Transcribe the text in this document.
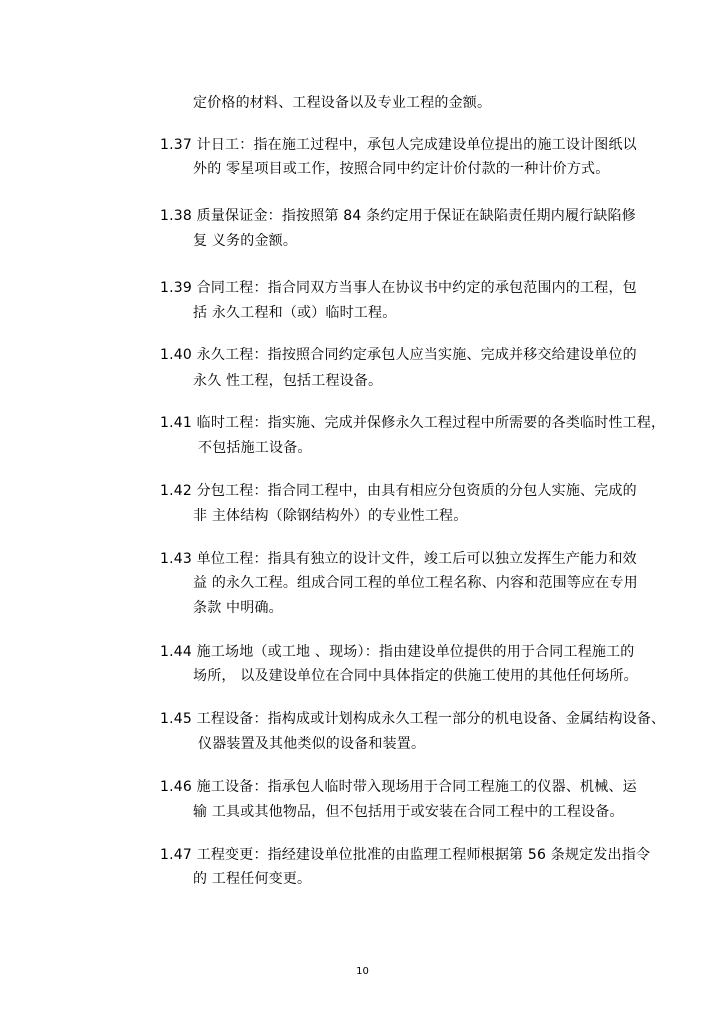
定价格的材料、工程设备以及专业工程的金额。
1.37 计日工：指在施工过程中，承包人完成建设单位提出的施工设计图纸以
外的 零星项目或工作，按照合同中约定计价付款的一种计价方式。
1.38 质量保证金：指按照第 84 条约定用于保证在缺陷责任期内履行缺陷修
复 义务的金额。
1.39 合同工程：指合同双方当事人在协议书中约定的承包范围内的工程，包
括 永久工程和（或）临时工程。
1.40 永久工程：指按照合同约定承包人应当实施、完成并移交给建设单位的
永久 性工程，包括工程设备。
1.41 临时工程：指实施、完成并保修永久工程过程中所需要的各类临时性工程，
不包括施工设备。
1.42 分包工程：指合同工程中，由具有相应分包资质的分包人实施、完成的
非 主体结构（除钢结构外）的专业性工程。
1.43 单位工程：指具有独立的设计文件，竣工后可以独立发挥生产能力和效
益 的永久工程。组成合同工程的单位工程名称、内容和范围等应在专用
条款 中明确。
1.44 施工场地（或工地 、现场）：指由建设单位提供的用于合同工程施工的
场所， 以及建设单位在合同中具体指定的供施工使用的其他任何场所。
1.45 工程设备：指构成或计划构成永久工程一部分的机电设备、金属结构设备、
仪器装置及其他类似的设备和装置。
1.46 施工设备：指承包人临时带入现场用于合同工程施工的仪器、机械、运
输 工具或其他物品，但不包括用于或安装在合同工程中的工程设备。
1.47 工程变更：指经建设单位批准的由监理工程师根据第 56 条规定发出指令
的 工程任何变更。
10
